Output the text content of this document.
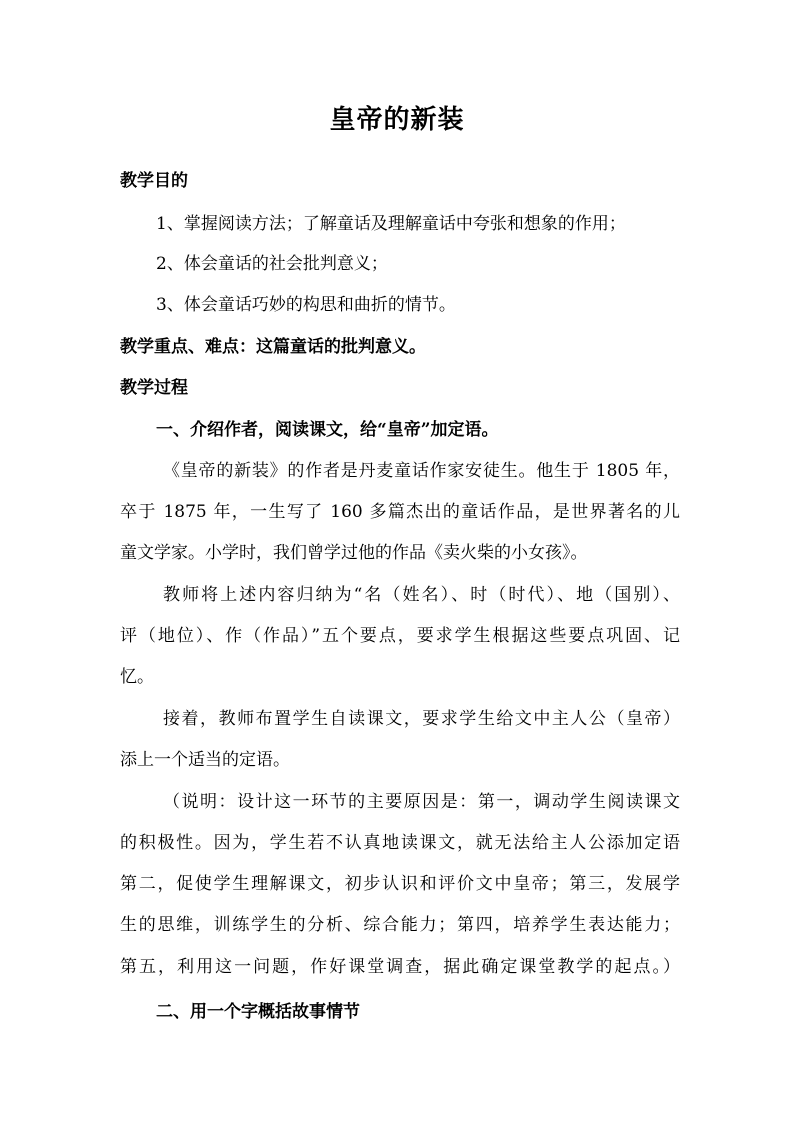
皇帝的新装
教学目的
1、掌握阅读方法；了解童话及理解童话中夸张和想象的作用；
2、体会童话的社会批判意义；
3、体会童话巧妙的构思和曲折的情节。
教学重点、难点：这篇童话的批判意义。
教学过程
一、介绍作者，阅读课文，给“皇帝”加定语。
《皇帝的新装》的作者是丹麦童话作家安徒生。他生于 1805 年，
卒于 1875 年，一生写了 160 多篇杰出的童话作品，是世界著名的儿
童文学家。小学时，我们曾学过他的作品《卖火柴的小女孩》。
教师将上述内容归纳为“名（姓名）、时（时代）、地（国别）、
评（地位）、作（作品）”五个要点，要求学生根据这些要点巩固、记
忆。
接着，教师布置学生自读课文，要求学生给文中主人公（皇帝）
添上一个适当的定语。
（说明：设计这一环节的主要原因是：第一，调动学生阅读课文
的积极性。因为，学生若不认真地读课文，就无法给主人公添加定语
第二，促使学生理解课文，初步认识和评价文中皇帝；第三，发展学
生的思维，训练学生的分析、综合能力；第四，培养学生表达能力；
第五，利用这一问题，作好课堂调查，据此确定课堂教学的起点。）
二、用一个字概括故事情节
